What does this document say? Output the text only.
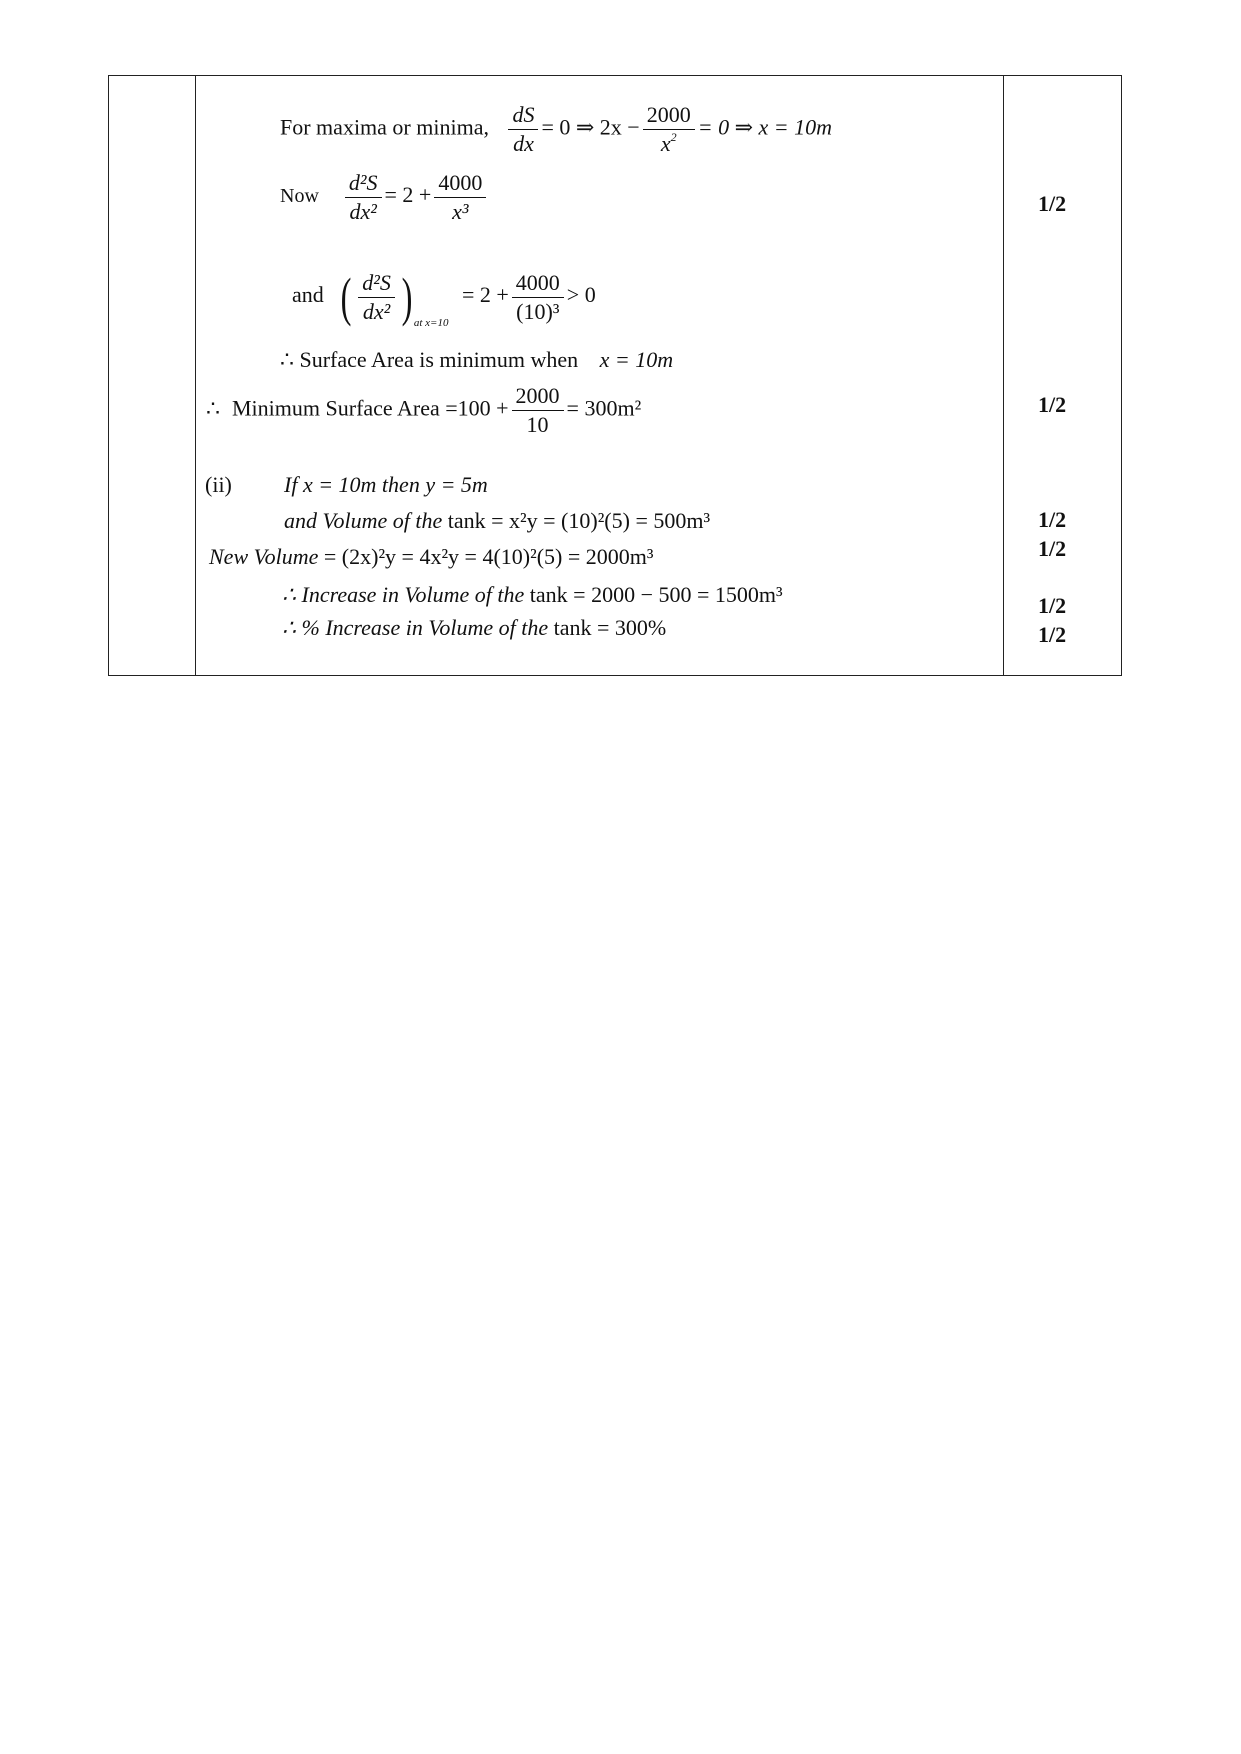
For maxima or minima, $\frac{dS}{dx} = 0$ ⇒ $2x - \frac{2000}{x^2} = 0$ ⇒ x = 10m
Now $\frac{\text{d²S}}{\text{dx²}} = 2 + \frac{4000}{\text{x³}}$
and ( $\frac{\text{d²S}}{\text{dx²}}$ ) $_{at x=10} = 2 + \frac{4000}{\text{(10)³}} > 0$
∴ Surface Area is minimum when x = 10m
∴ Minimum Surface Area $=100 + \frac{2000}{10} = 300m^2$
(ii) If x = 10m then y = 5m
and Volume of the tank = x²y = (10)²(5) = 500m³
New Volume = (2x)²y = 4x²y = 4(10)²(5) = 2000m³
∴ Increase in Volume of the tank = 2000 − 500 = 1500m³
∴ % Increase in Volume of the tank = 300%
1/2
1/2
1/2
1/2
1/2
1/2
